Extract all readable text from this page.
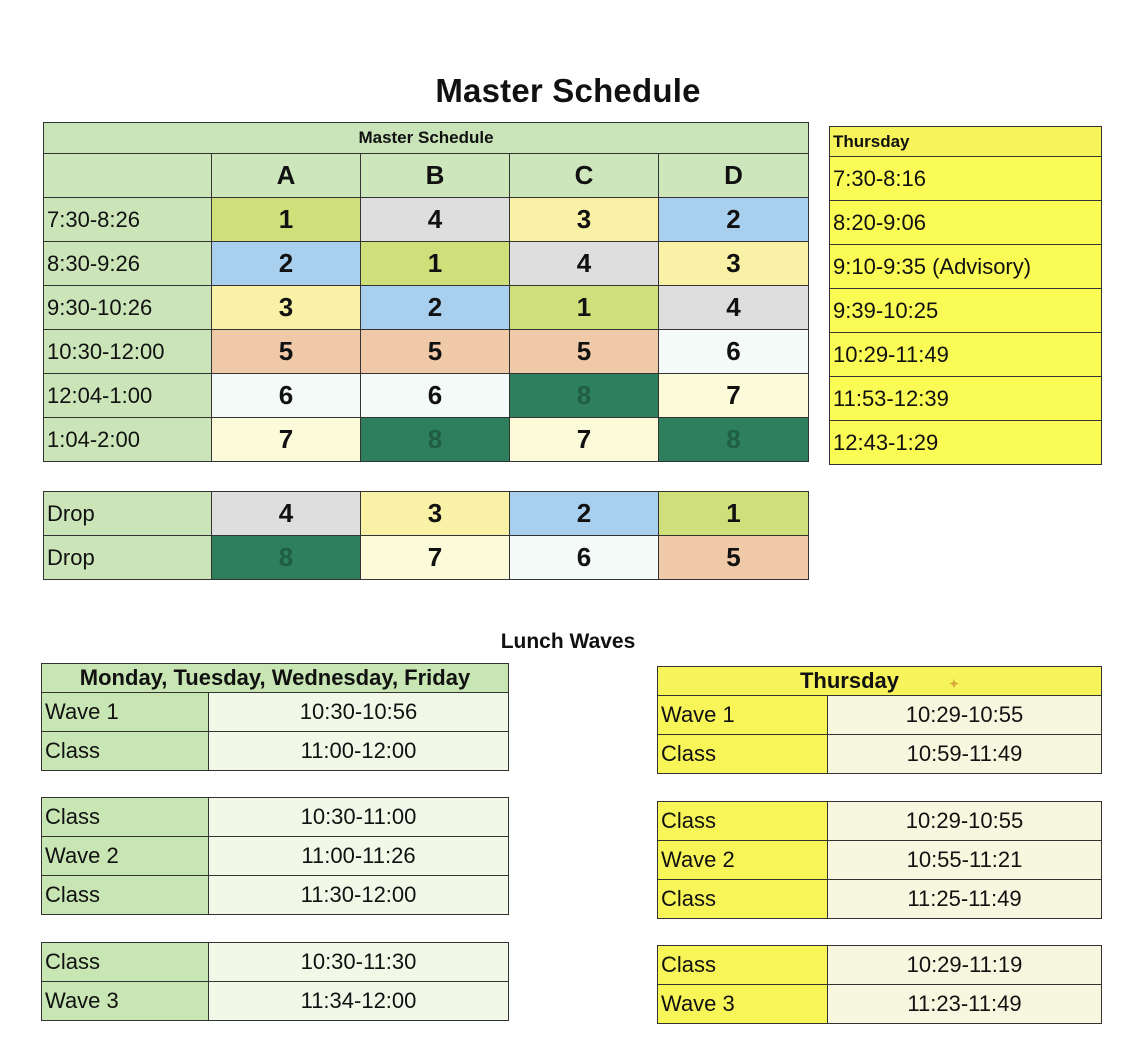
Master Schedule
Master Schedule				
	A	B	C	D
7:30-8:26	1	4	3	2
8:30-9:26	2	1	4	3
9:30-10:26	3	2	1	4
10:30-12:00	5	5	5	6
12:04-1:00	6	6	8	7
1:04-2:00	7	8	7	8
Drop	4	3	2	1
Drop	8	7	6	5
Thursday
7:30-8:16
8:20-9:06
9:10-9:35 (Advisory)
9:39-10:25
10:29-11:49
11:53-12:39
12:43-1:29
Lunch Waves
Monday, Tuesday, Wednesday, Friday	
Wave 1	10:30-10:56
Class	11:00-12:00
Class	10:30-11:00
Wave 2	11:00-11:26
Class	11:30-12:00
Class	10:30-11:30
Wave 3	11:34-12:00
Thursday ✦	
Wave 1	10:29-10:55
Class	10:59-11:49
Class	10:29-10:55
Wave 2	10:55-11:21
Class	11:25-11:49
Class	10:29-11:19
Wave 3	11:23-11:49
